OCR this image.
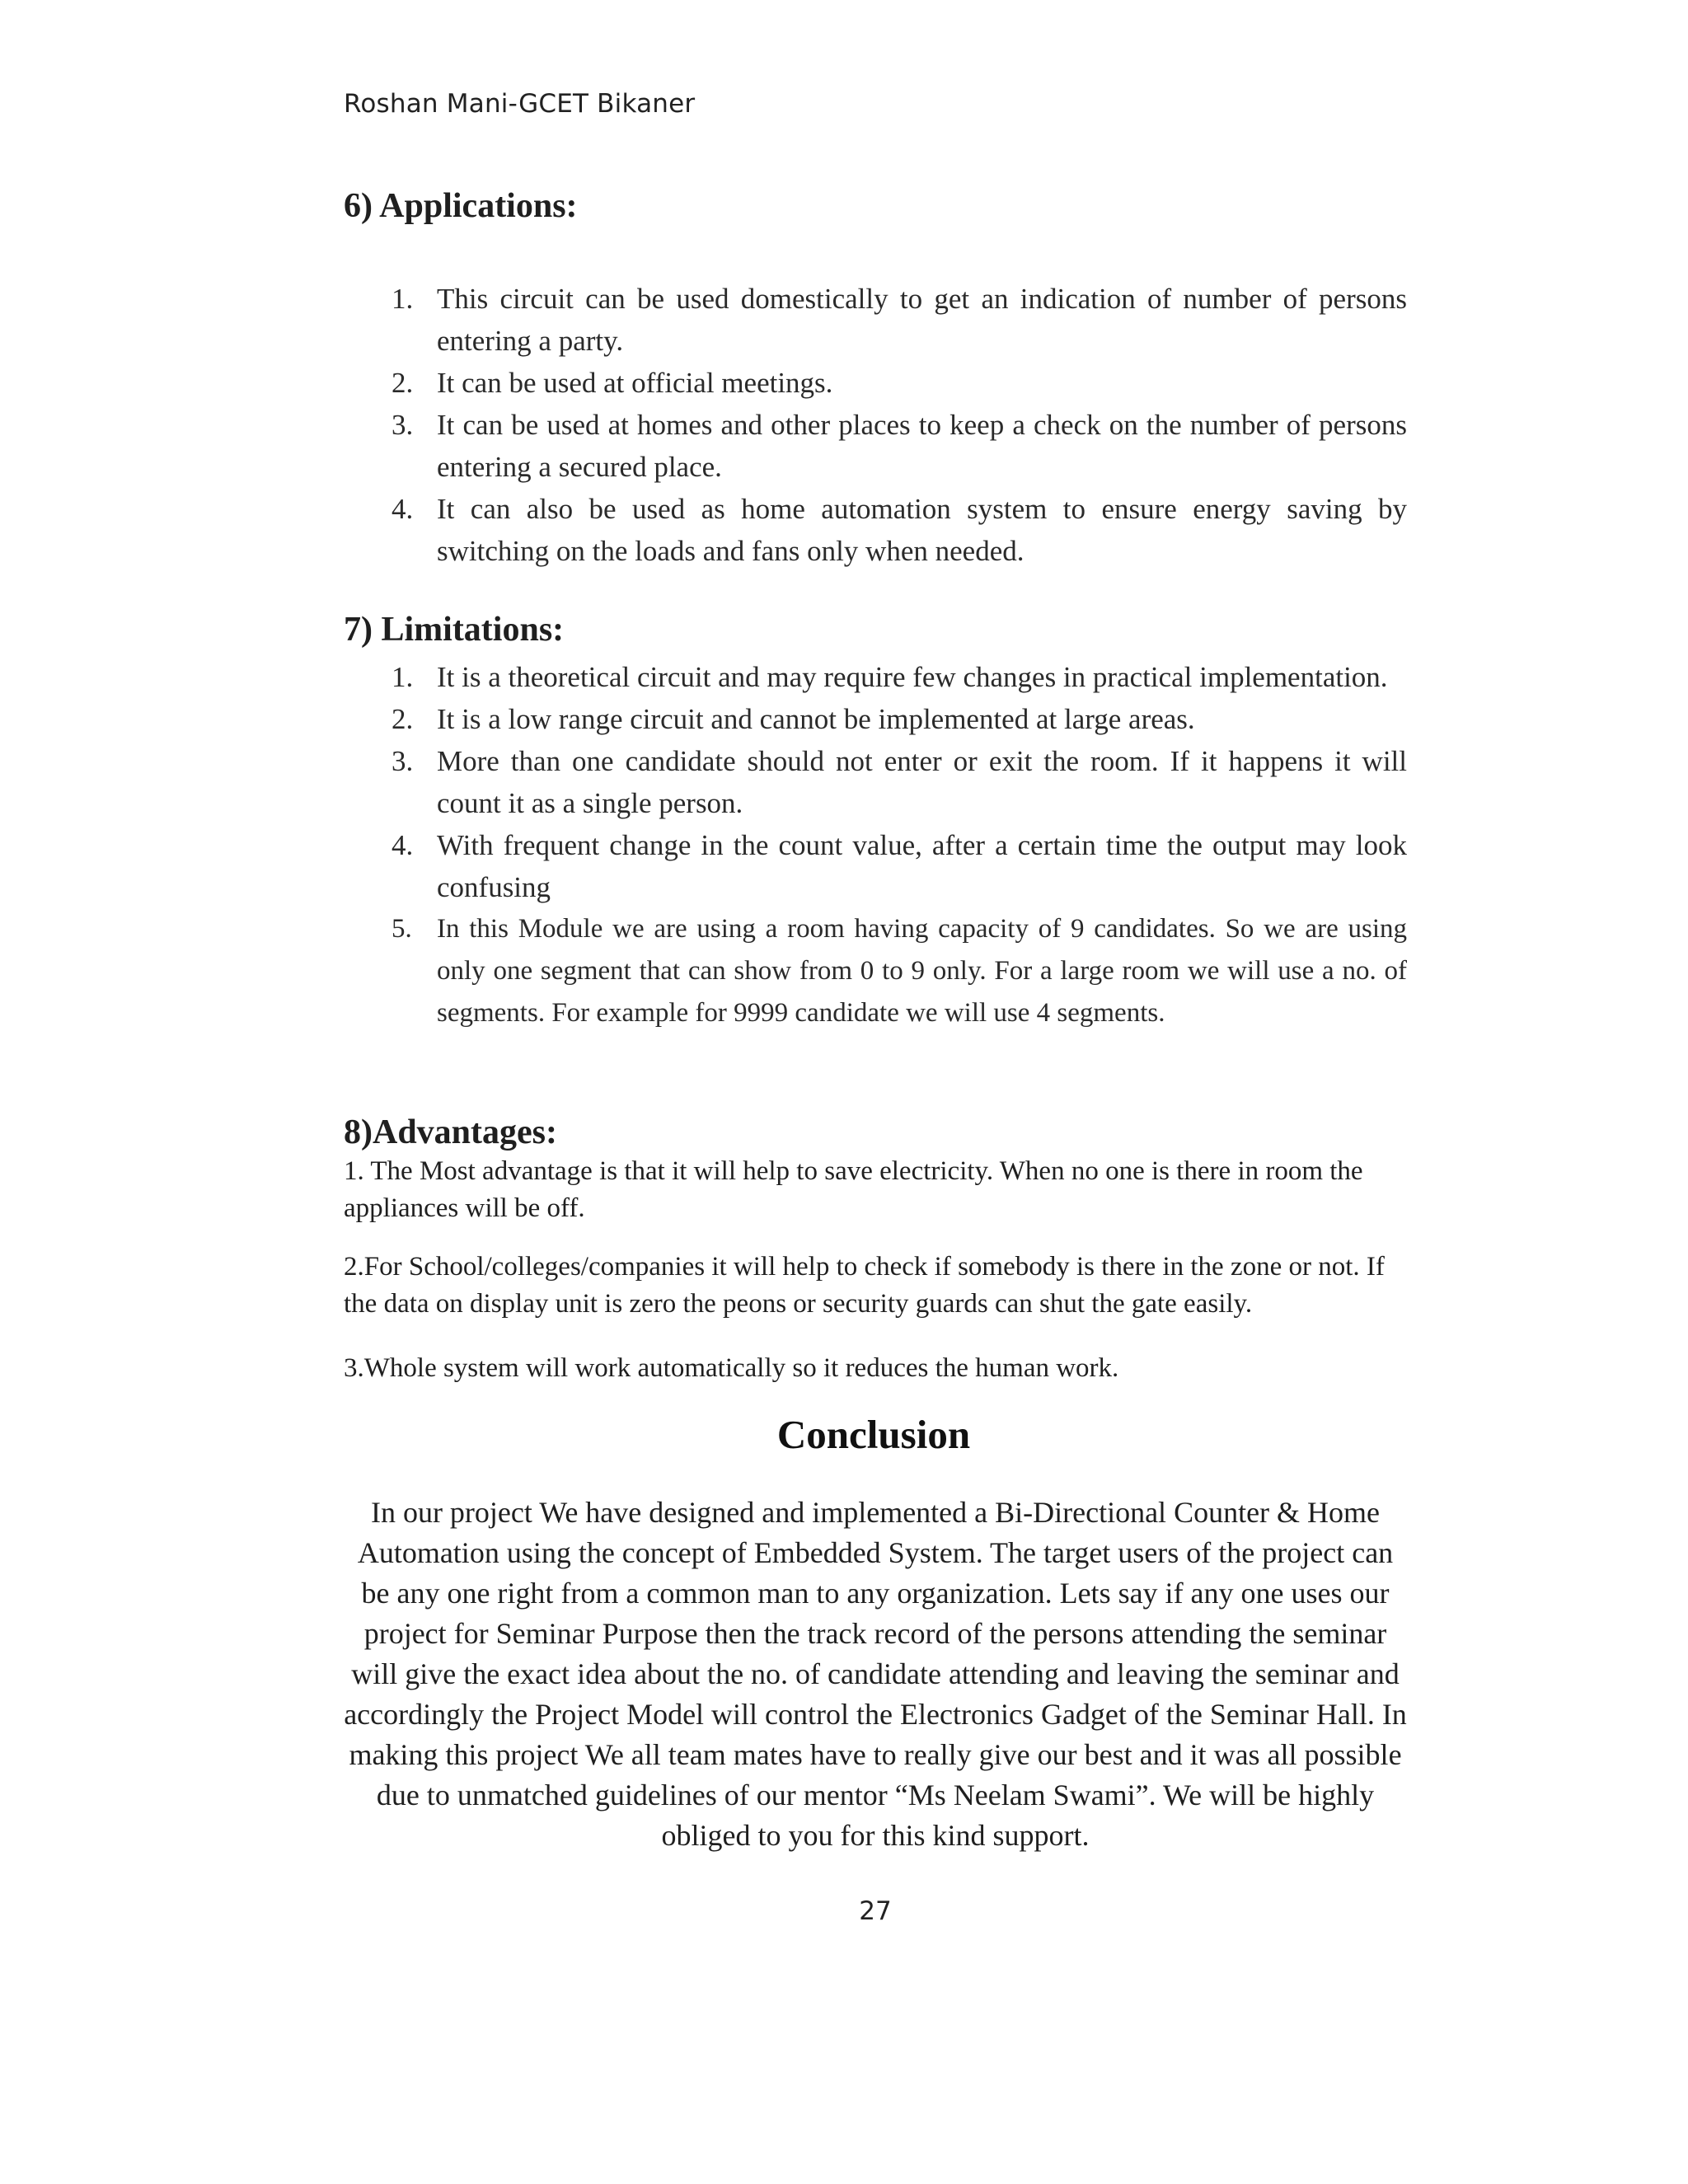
Roshan Mani-GCET Bikaner
6) Applications:
1. This circuit can be used domestically to get an indication of number of persons entering a party.
2. It can be used at official meetings.
3. It can be used at homes and other places to keep a check on the number of persons entering a secured place.
4. It can also be used as home automation system to ensure energy saving by switching on the loads and fans only when needed.
7) Limitations:
1. It is a theoretical circuit and may require few changes in practical implementation.
2. It is a low range circuit and cannot be implemented at large areas.
3. More than one candidate should not enter or exit the room. If it happens it will count it as a single person.
4. With frequent change in the count value, after a certain time the output may look confusing
5. In this Module we are using a room having capacity of 9 candidates. So we are using only one segment that can show from 0 to 9 only. For a large room we will use a no. of segments. For example for 9999 candidate we will use 4 segments.
8)Advantages:

1. The Most advantage is that it will help to save electricity. When no one is there in room the appliances will be off.

2.For School/colleges/companies it will help to check if somebody is there in the zone or not. If the data on display unit is zero the peons or security guards can shut the gate easily.

3.Whole system will work automatically so it reduces the human work.

Conclusion

In our project We have designed and implemented a Bi-Directional Counter & Home Automation using the concept of Embedded System. The target users of the project can be any one right from a common man to any organization. Lets say if any one uses our project for Seminar Purpose then the track record of the persons attending the seminar will give the exact idea about the no. of candidate attending and leaving the seminar and accordingly the Project Model will control the Electronics Gadget of the Seminar Hall. In making this project We all team mates have to really give our best and it was all possible due to unmatched guidelines of our mentor “Ms Neelam Swami”. We will be highly obliged to you for this kind support.

27
